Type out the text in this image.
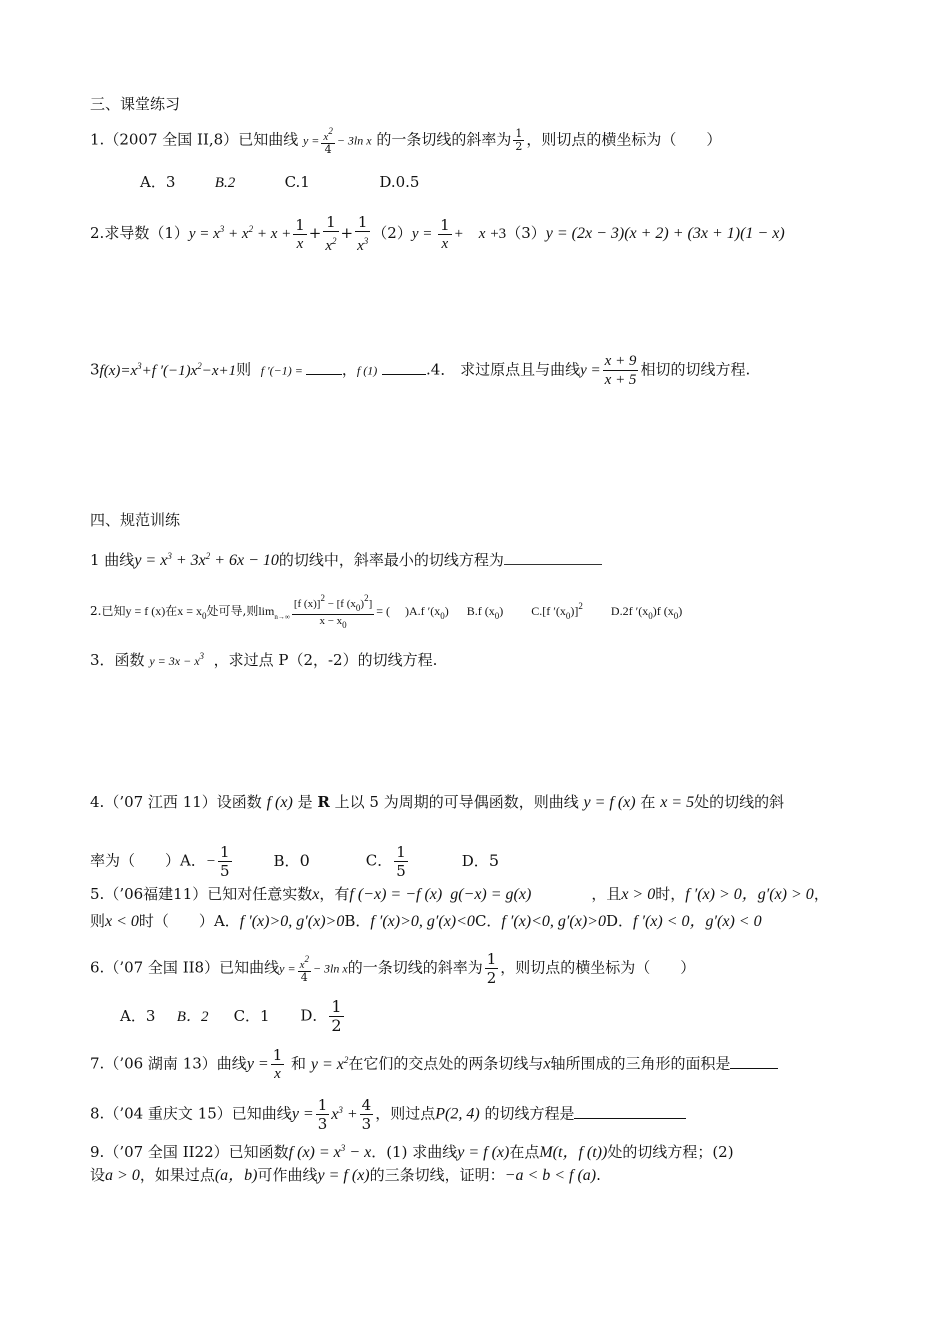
三、课堂练习
1.（2007 全国 II,8）已知曲线 $y = \frac{x^2}{4} - 3\ln$ x 的一条切线的斜率为 $\frac{1}{2}$ ，则切点的横坐标为（　　）
A．3	B.2	C.1	D.0.5
2.求导数$(1)y = x^3 + x^2 + x + \frac{1}{x} + \frac{1}{x^2} + \frac{1}{x^3} (2)y = \frac{1}{x}$ +    x +3（3）y = (2x − 3)(x + 2) + (3x + 1)(1 − x)
$3f(x)=x^3+f$ $'(-1)x^2-x+1$则 f ′(−1) = ，f (1)	.4． 求过原点且与曲线$y = \frac{x + 9}{x + 5}$ 相切的切线方程.
四、规范训练
1 曲线$y = x^3 + 3x^2 + 6x - 10$的切线中，斜率最小的切线方程为
2.已知y = f (x)在$x = x_0$处可导,则$\lim_{n\to\infty} \frac{[f (x)]^2 - [f (x_0)^2]}{x - x_0}$ = (     )A.f $'(x_0)$ B.f $(x_0)$ C.[f $'(x_0)]^2$ D.2f $'(x_0)f$ $(x_0)$
3．函数 $y = 3x - x^3$ ，求过点 P（2，-2）的切线方程.
4.（’07 江西 11）设函数 f (x) 是 R 上以 5 为周期的可导偶函数，则曲线 y = f (x) 在 x = 5处的切线的斜
率为（　　）A．− $\frac{1}{5}$	B．0	C． $\frac{1}{5}$	D．5
5.（’06福建11）已知对任意实数x，有f (−x) = −f (x)  g(−x) = g(x)	，且x > 0时，f ′(x) > 0，g′(x) > 0，
则x < 0时（　　）A．f ′(x)>0, g′(x)>0B．f ′(x)>0, g′(x)<0C．f ′(x)<0, g′(x)>0D．f ′(x) < 0，g′(x) < 0
6.（’07 全国 II8）已知曲线$y = \frac{x^2}{4} - 3\ln$ x的一条切线的斜率为 $\frac{1}{2}$ ，则切点的横坐标为（　　）
A．3 B．2 C．1 D． $\frac{1}{2}$
7.（’06 湖南 13）曲线$y = \frac{1}{x}$ 和 $y = x^2$在它们的交点处的两条切线与x轴所围成的三角形的面积是
8.（’04 重庆文 15）已知曲线$y = \frac{1}{3} x^3 + \frac{4}{3}$ ，则过点P(2, 4) 的切线方程是
9.（’07 全国 II22）已知函数f $(x) = x^3 - x$．(1) 求曲线y = f (x)在点M(t，f (t))处的切线方程；(2)
设a > 0，如果过点(a，b)可作曲线y = f (x)的三条切线，证明：−a < b < f (a).
